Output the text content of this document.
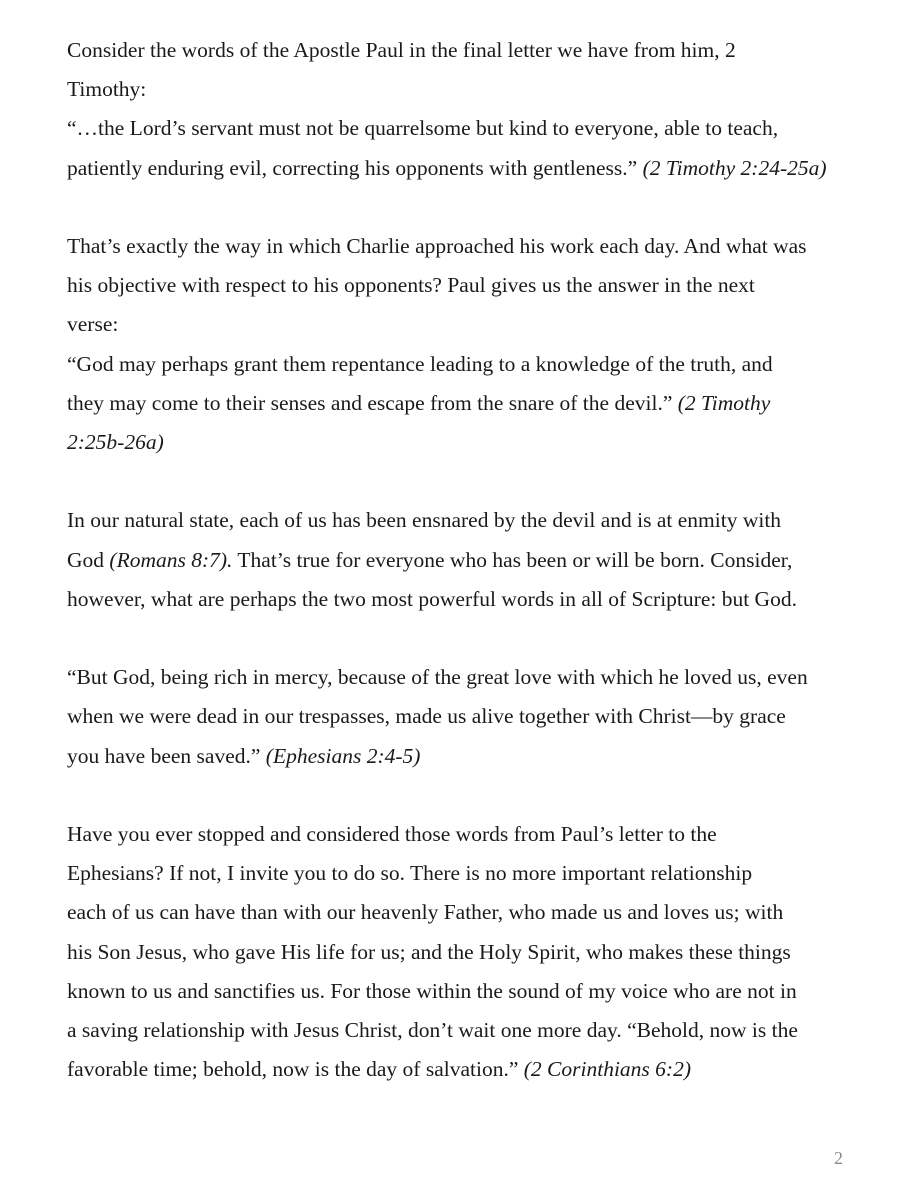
Consider the words of the Apostle Paul in the final letter we have from him, 2
Timothy:
“…the Lord’s servant must not be quarrelsome but kind to everyone, able to teach,
patiently enduring evil, correcting his opponents with gentleness.” (2 Timothy 2:24-25a)

That’s exactly the way in which Charlie approached his work each day. And what was
his objective with respect to his opponents? Paul gives us the answer in the next
verse:
“God may perhaps grant them repentance leading to a knowledge of the truth, and
they may come to their senses and escape from the snare of the devil.” (2 Timothy
2:25b-26a)

In our natural state, each of us has been ensnared by the devil and is at enmity with
God (Romans 8:7). That’s true for everyone who has been or will be born. Consider,
however, what are perhaps the two most powerful words in all of Scripture: but God.

“But God, being rich in mercy, because of the great love with which he loved us, even
when we were dead in our trespasses, made us alive together with Christ—by grace
you have been saved.” (Ephesians 2:4-5)

Have you ever stopped and considered those words from Paul’s letter to the
Ephesians? If not, I invite you to do so. There is no more important relationship
each of us can have than with our heavenly Father, who made us and loves us; with
his Son Jesus, who gave His life for us; and the Holy Spirit, who makes these things
known to us and sanctifies us. For those within the sound of my voice who are not in
a saving relationship with Jesus Christ, don’t wait one more day. “Behold, now is the
favorable time; behold, now is the day of salvation.” (2 Corinthians 6:2)

2
